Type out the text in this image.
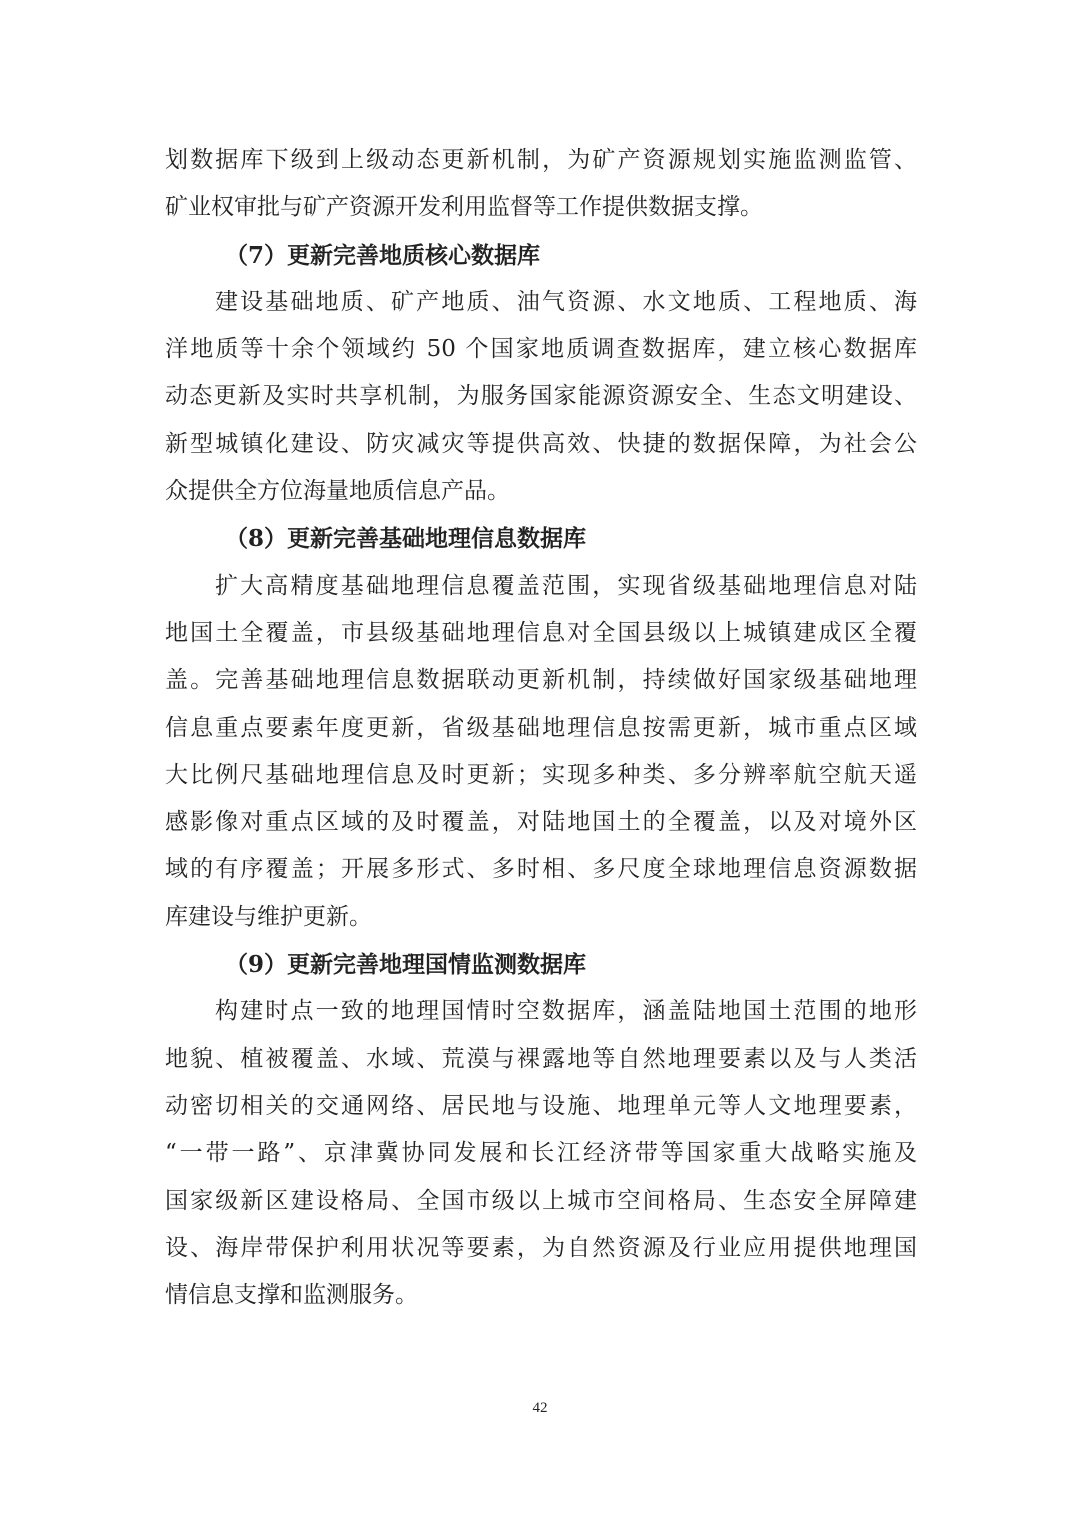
划数据库下级到上级动态更新机制，为矿产资源规划实施监测监管、
矿业权审批与矿产资源开发利用监督等工作提供数据支撑。
（7）更新完善地质核心数据库
建设基础地质、矿产地质、油气资源、水文地质、工程地质、海
洋地质等十余个领域约 50 个国家地质调查数据库，建立核心数据库
动态更新及实时共享机制，为服务国家能源资源安全、生态文明建设、
新型城镇化建设、防灾减灾等提供高效、快捷的数据保障，为社会公
众提供全方位海量地质信息产品。
（8）更新完善基础地理信息数据库
扩大高精度基础地理信息覆盖范围，实现省级基础地理信息对陆
地国土全覆盖，市县级基础地理信息对全国县级以上城镇建成区全覆
盖。完善基础地理信息数据联动更新机制，持续做好国家级基础地理
信息重点要素年度更新，省级基础地理信息按需更新，城市重点区域
大比例尺基础地理信息及时更新；实现多种类、多分辨率航空航天遥
感影像对重点区域的及时覆盖，对陆地国土的全覆盖，以及对境外区
域的有序覆盖；开展多形式、多时相、多尺度全球地理信息资源数据
库建设与维护更新。
（9）更新完善地理国情监测数据库
构建时点一致的地理国情时空数据库，涵盖陆地国土范围的地形
地貌、植被覆盖、水域、荒漠与裸露地等自然地理要素以及与人类活
动密切相关的交通网络、居民地与设施、地理单元等人文地理要素，
“一带一路”、京津冀协同发展和长江经济带等国家重大战略实施及
国家级新区建设格局、全国市级以上城市空间格局、生态安全屏障建
设、海岸带保护利用状况等要素，为自然资源及行业应用提供地理国
情信息支撑和监测服务。
42
